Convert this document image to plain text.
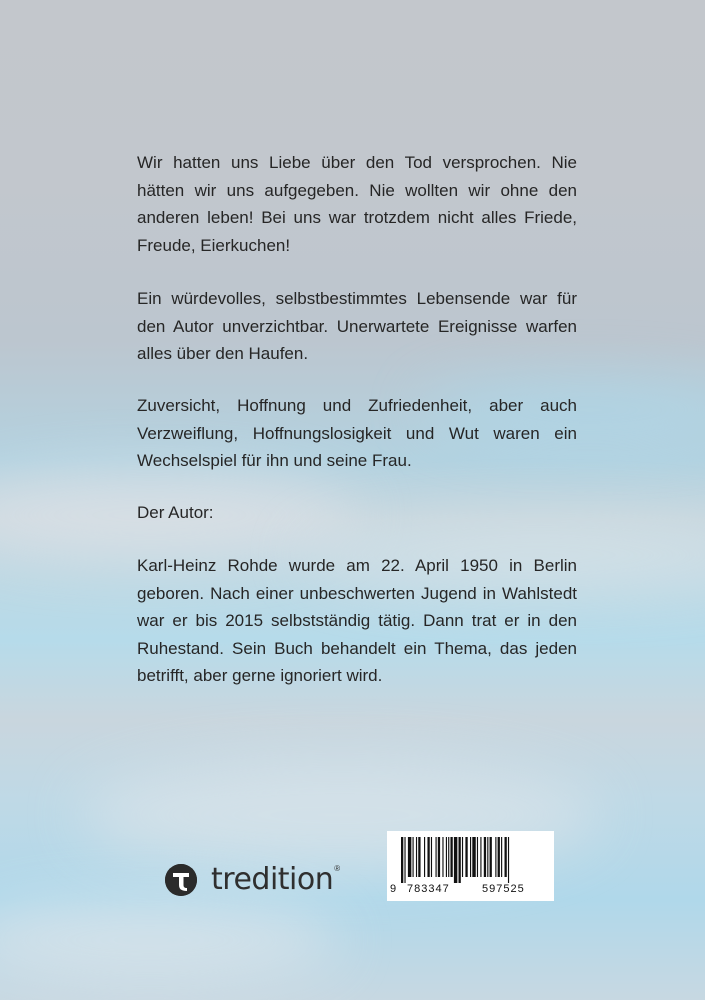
Wir hatten uns Liebe über den Tod versprochen. Nie hätten wir uns aufgegeben. Nie wollten wir ohne den anderen leben! Bei uns war trotzdem nicht alles Friede, Freude, Eierkuchen!
Ein würdevolles, selbstbestimmtes Lebensende war für den Autor unverzichtbar. Unerwartete Ereignisse warfen alles über den Haufen.
Zuversicht, Hoffnung und Zufriedenheit, aber auch Verzweiflung, Hoffnungslosigkeit und Wut waren ein Wechselspiel für ihn und seine Frau.
Der Autor:
Karl-Heinz Rohde wurde am 22. April 1950 in Berlin geboren. Nach einer unbeschwerten Jugend in Wahlstedt war er bis 2015 selbstständig tätig. Dann trat er in den Ruhestand. Sein Buch behandelt ein Thema, das jeden betrifft, aber gerne ignoriert wird.
tredition ®
9 783347	597525
